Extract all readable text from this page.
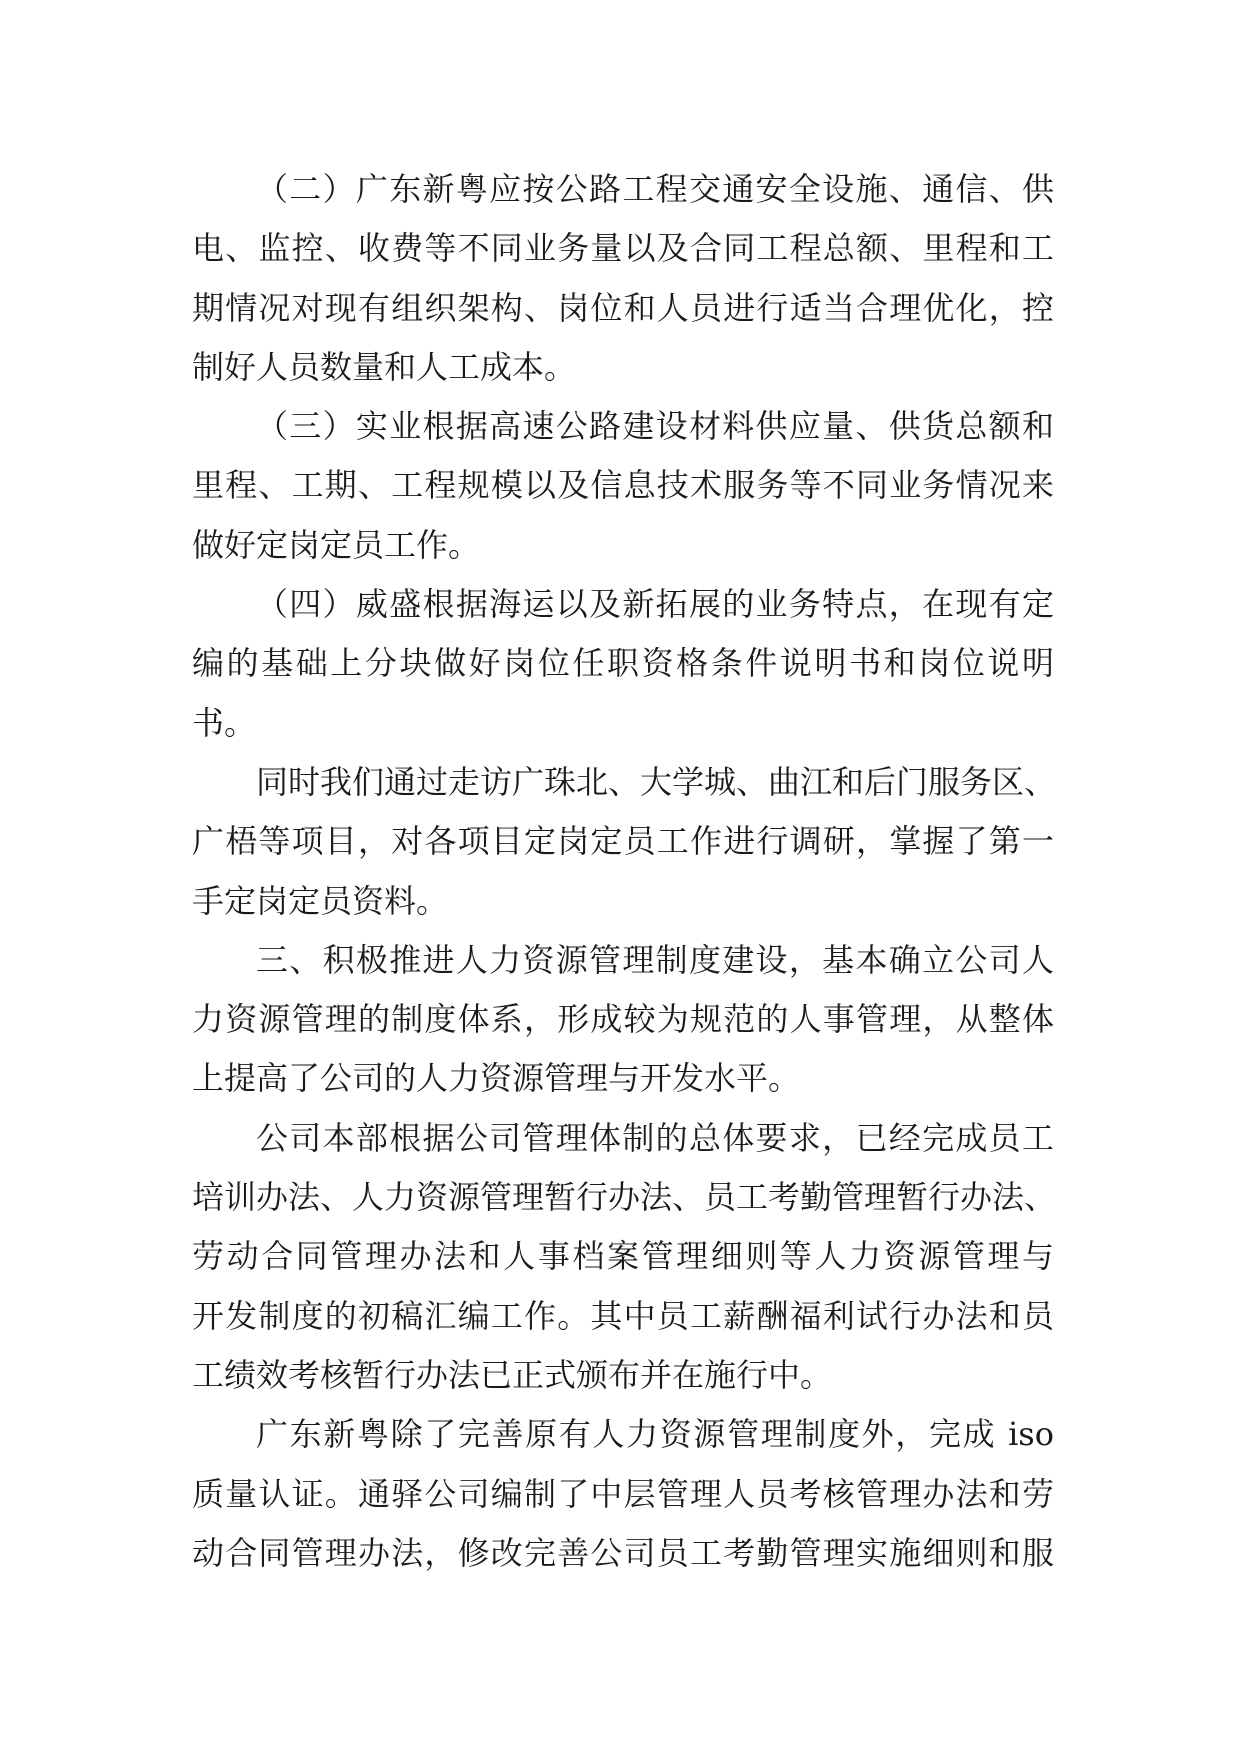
（二）广东新粤应按公路工程交通安全设施、通信、供
电、监控、收费等不同业务量以及合同工程总额、里程和工
期情况对现有组织架构、岗位和人员进行适当合理优化，控
制好人员数量和人工成本。
（三）实业根据高速公路建设材料供应量、供货总额和
里程、工期、工程规模以及信息技术服务等不同业务情况来
做好定岗定员工作。
（四）威盛根据海运以及新拓展的业务特点，在现有定
编的基础上分块做好岗位任职资格条件说明书和岗位说明
书。
同时我们通过走访广珠北、大学城、曲江和后门服务区、
广梧等项目，对各项目定岗定员工作进行调研，掌握了第一
手定岗定员资料。
三、积极推进人力资源管理制度建设，基本确立公司人
力资源管理的制度体系，形成较为规范的人事管理，从整体
上提高了公司的人力资源管理与开发水平。
公司本部根据公司管理体制的总体要求，已经完成员工
培训办法、人力资源管理暂行办法、员工考勤管理暂行办法、
劳动合同管理办法和人事档案管理细则等人力资源管理与
开发制度的初稿汇编工作。其中员工薪酬福利试行办法和员
工绩效考核暂行办法已正式颁布并在施行中。
广东新粤除了完善原有人力资源管理制度外，完成 iso
质量认证。通驿公司编制了中层管理人员考核管理办法和劳
动合同管理办法，修改完善公司员工考勤管理实施细则和服
